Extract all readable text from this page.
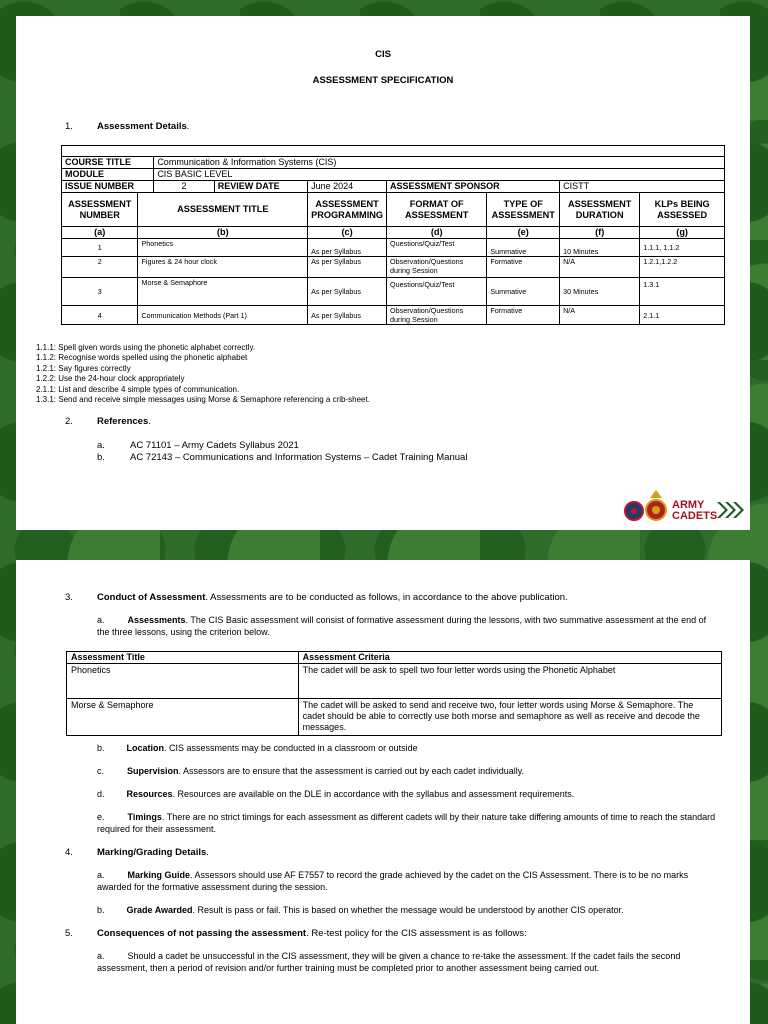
CIS
ASSESSMENT SPECIFICATION
1.	Assessment Details.

COURSE TITLE		Communication & Information Systems (CIS)						
MODULE		CIS BASIC LEVEL						
ISSUE NUMBER		2	REVIEW DATE	June 2024	ASSESSMENT SPONSOR		CISTT	
ASSESSMENT NUMBER	ASSESSMENT TITLE			ASSESSMENT PROGRAMMING	FORMAT OF ASSESSMENT	TYPE OF ASSESSMENT	ASSESSMENT DURATION	KLPs BEING ASSESSED
(a)	(b)			(c)	(d)	(e)	(f)	(g)
1	Phonetics			As per Syllabus	Questions/Quiz/Test	Summative	10 Minutes	1.1.1, 1.1.2
2	Figures & 24 hour clock			As per Syllabus	Observation/Questions during Session	Formative	N/A	1.2.1,1.2.2
3	Morse & Semaphore			As per Syllabus	Questions/Quiz/Test	Summative	30 Minutes	1.3.1
4	Communication Methods (Part 1)			As per Syllabus	Observation/Questions during Session	Formative	N/A	2.1.1
1.1.1: Spell given words using the phonetic alphabet correctly.
1.1.2: Recognise words spelled using the phonetic alphabet
1.2.1: Say figures correctly
1.2.2: Use the 24-hour clock appropriately
2.1.1: List and describe 4 simple types of communication.
1.3.1: Send and receive simple messages using Morse & Semaphore referencing a crib-sheet.
2.	References.
a.	AC 71101 – Army Cadets Syllabus 2021
b.	AC 72143 – Communications and Information Systems – Cadet Training Manual
ARMY
CADETS
3.	Conduct of Assessment. Assessments are to be conducted as follows, in accordance to the above publication.
a.	Assessments. The CIS Basic assessment will consist of formative assessment during the lessons, with two summative assessment at the end of the three lessons, using the criterion below.
Assessment Title	Assessment Criteria
Phonetics	The cadet will be ask to spell two four letter words using the Phonetic Alphabet
Morse & Semaphore	The cadet will be asked to send and receive two, four letter words using Morse & Semaphore. The cadet should be able to correctly use both morse and semaphore as well as receive and decode the messages.
b. Location. CIS assessments may be conducted in a classroom or outside
c.	Supervision. Assessors are to ensure that the assessment is carried out by each cadet individually.
d. Resources. Resources are available on the DLE in accordance with the syllabus and assessment requirements.
e.	Timings. There are no strict timings for each assessment as different cadets will by their nature take differing amounts of time to reach the standard required for their assessment.
4.	Marking/Grading Details.
a.	Marking Guide. Assessors should use AF E7557 to record the grade achieved by the cadet on the CIS Assessment. There is to be no marks awarded for the formative assessment during the session.
b. Grade Awarded. Result is pass or fail. This is based on whether the message would be understood by another CIS operator.
5.	Consequences of not passing the assessment. Re-test policy for the CIS assessment is as follows:
a.	Should a cadet be unsuccessful in the CIS assessment, they will be given a chance to re-take the assessment. If the cadet fails the second assessment, then a period of revision and/or further training must be completed prior to another assessment being carried out.
